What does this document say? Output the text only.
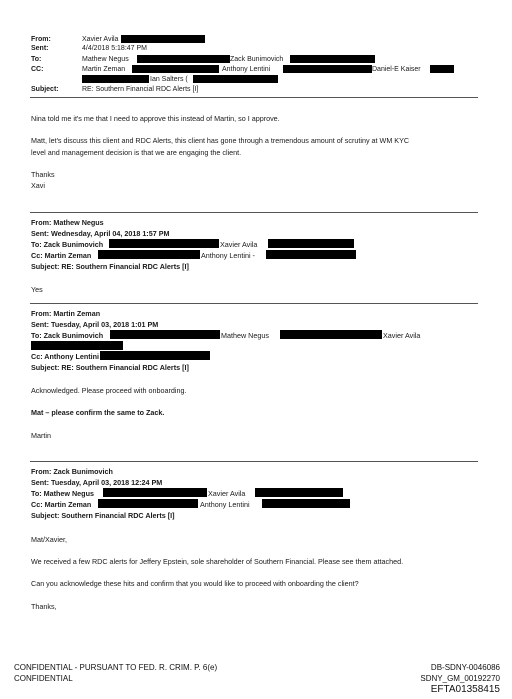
From:	Xavier Avila
Sent:	4/4/2018 5:18:47 PM
To:	Mathew Negus	Zack Bunimovich
CC:	Martin Zeman	Anthony Lentini	Daniel-E Kaiser
Ian Salters (
Subject:	RE: Southern Financial RDC Alerts [I]
Nina told me it's me that I need to approve this instead of Martin, so I approve.
Matt, let's discuss this client and RDC Alerts, this client has gone through a tremendous amount of scrutiny at WM KYC
level and management decision is that we are engaging the client.
Thanks
Xavi
From: Mathew Negus
Sent: Wednesday, April 04, 2018 1:57 PM
To: Zack Bunimovich	Xavier Avila
Cc: Martin Zeman	Anthony Lentini -
Subject: RE: Southern Financial RDC Alerts [I]
Yes
From: Martin Zeman
Sent: Tuesday, April 03, 2018 1:01 PM
To: Zack Bunimovich	Mathew Negus	Xavier Avila
Cc: Anthony Lentini
Subject: RE: Southern Financial RDC Alerts [I]
Acknowledged. Please proceed with onboarding.
Mat – please confirm the same to Zack.
Martin
From: Zack Bunimovich
Sent: Tuesday, April 03, 2018 12:24 PM
To: Mathew Negus	Xavier Avila
Cc: Martin Zeman	Anthony Lentini
Subject: Southern Financial RDC Alerts [I]
Mat/Xavier,
We received a few RDC alerts for Jeffery Epstein, sole shareholder of Southern Financial. Please see them attached.
Can you acknowledge these hits and confirm that you would like to proceed with onboarding the client?
Thanks,
CONFIDENTIAL - PURSUANT TO FED. R. CRIM. P. 6(e)
CONFIDENTIAL
DB-SDNY-0046086
SDNY_GM_00192270
EFTA01358415
